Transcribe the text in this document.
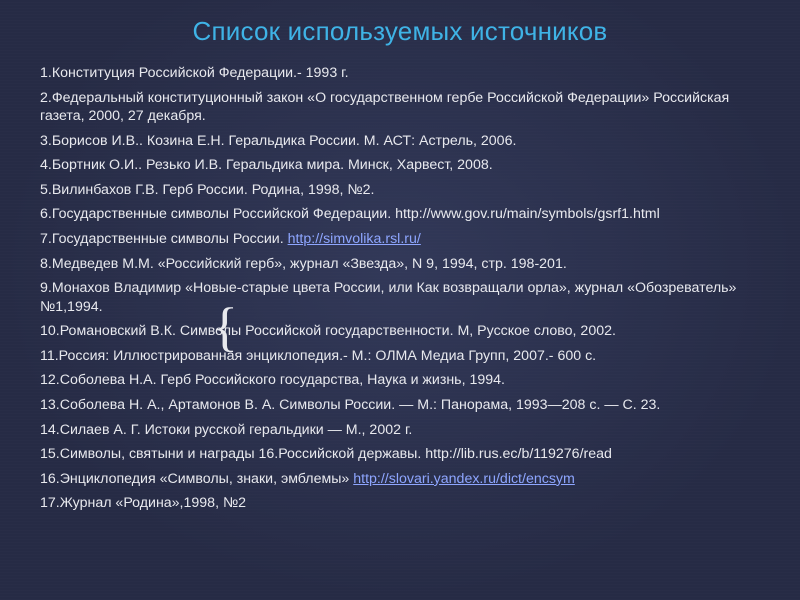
Список используемых источников
1.Конституция Российской Федерации.- 1993 г.
2.Федеральный конституционный закон «О государственном гербе Российской Федерации» Российская газета, 2000, 27 декабря.
3.Борисов И.В.. Козина Е.Н. Геральдика России. М. АСТ: Астрель, 2006.
4.Бортник О.И.. Резько И.В. Геральдика мира. Минск, Харвест, 2008.
5.Вилинбахов Г.В. Герб России. Родина, 1998, №2.
6.Государственные символы Российской Федерации. http://www.gov.ru/main/symbols/gsrf1.html
7.Государственные символы России. http://simvolika.rsl.ru/
8.Медведев М.М. «Российский герб», журнал «Звезда», N 9, 1994, стр. 198-201.
9.Монахов Владимир «Новые-старые цвета России, или Как возвращали орла», журнал «Обозреватель» №1,1994.
10.Романовский В.К. Символы Российской государственности. М, Русское слово, 2002.
11.Россия: Иллюстрированная энциклопедия.- М.: ОЛМА Медиа Групп, 2007.- 600 с.
12.Соболева Н.А. Герб Российского государства, Наука и жизнь, 1994.
13.Соболева Н. А., Артамонов В. А. Символы России. — М.: Панорама, 1993—208 с. — С. 23.
14.Силаев А. Г. Истоки русской геральдики — М., 2002 г.
15.Символы, святыни и награды 16.Российской державы. http://lib.rus.ec/b/119276/read
16.Энциклопедия «Символы, знаки, эмблемы» http://slovari.yandex.ru/dict/encsym
17.Журнал «Родина»,1998, №2
{
